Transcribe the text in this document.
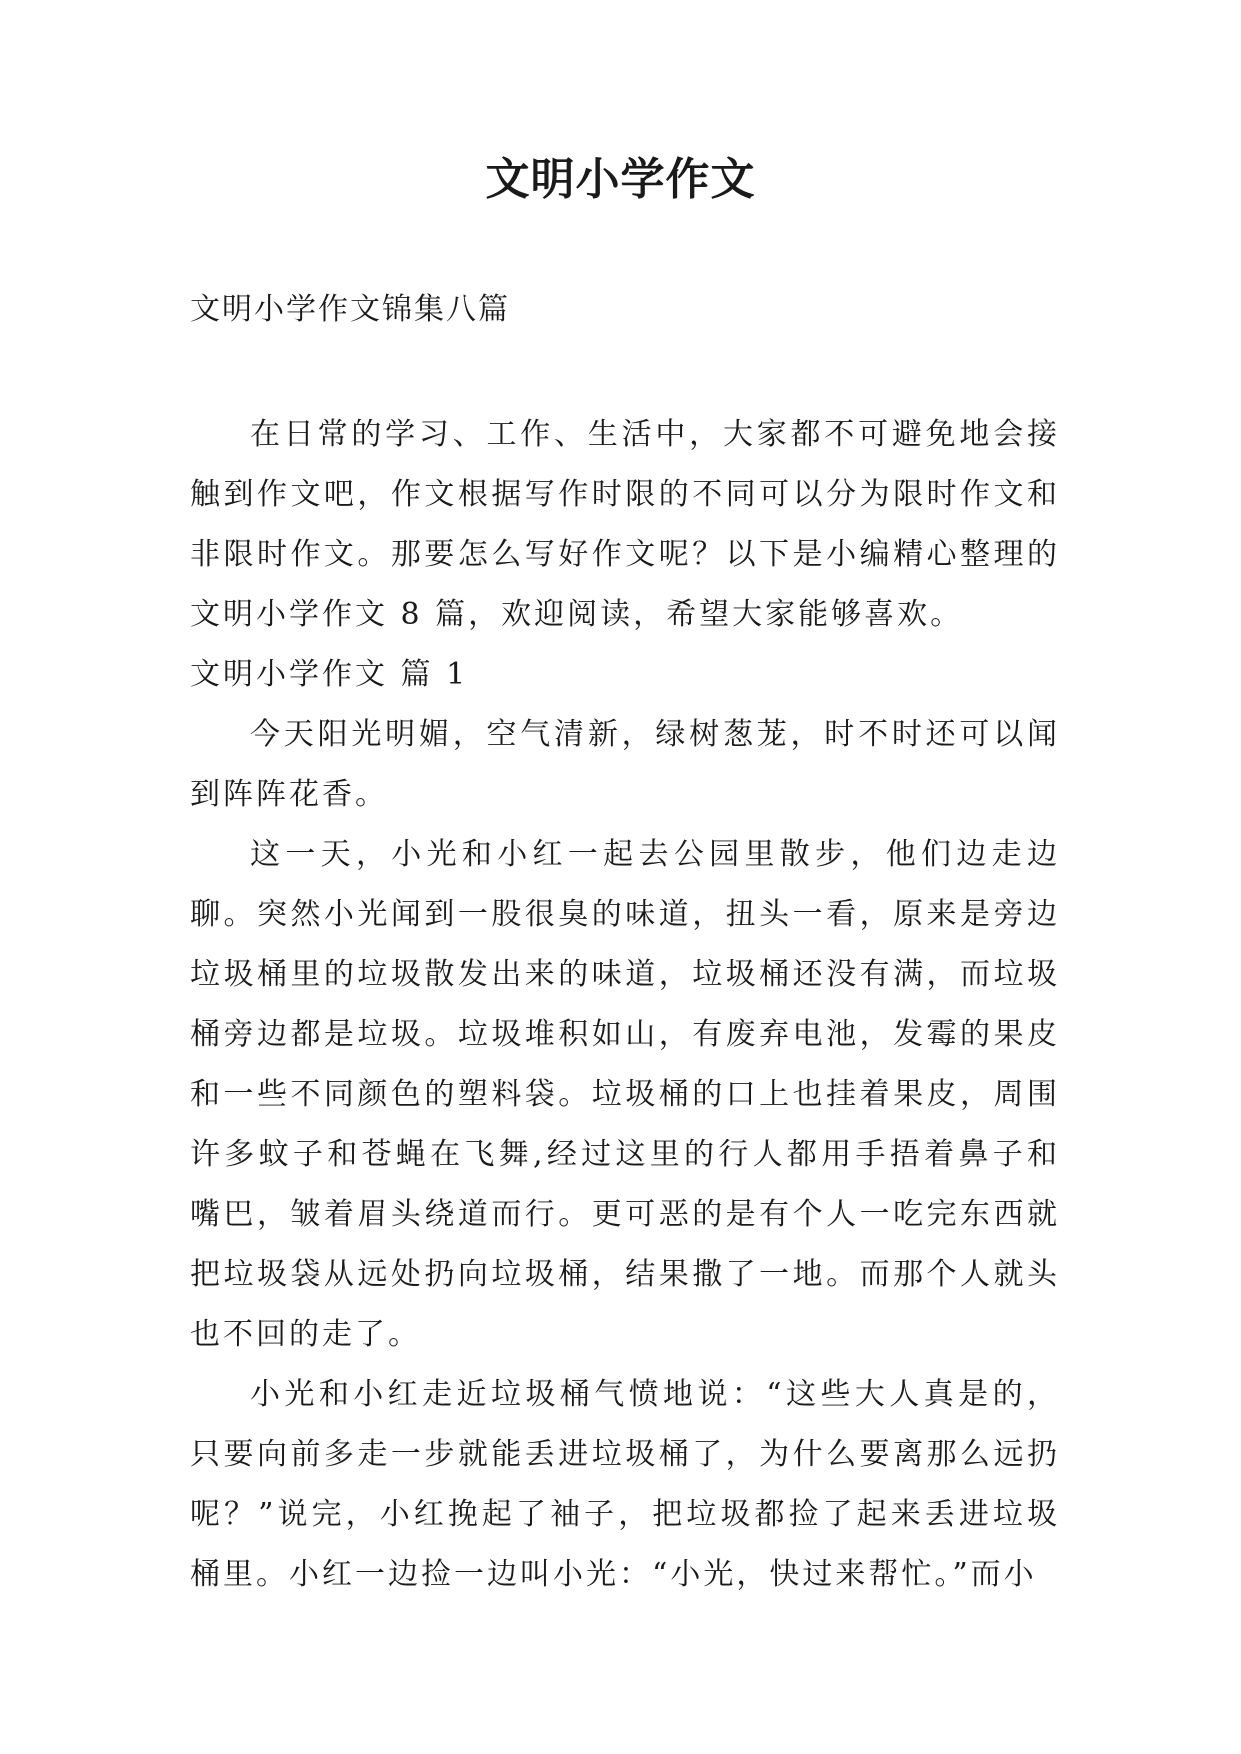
文明小学作文
文明小学作文锦集八篇

在日常的学习、工作、生活中，大家都不可避免地会接触到作文吧，作文根据写作时限的不同可以分为限时作文和非限时作文。那要怎么写好作文呢？以下是小编精心整理的文明小学作文 8 篇，欢迎阅读，希望大家能够喜欢。

文明小学作文 篇 1

今天阳光明媚，空气清新，绿树葱茏，时不时还可以闻到阵阵花香。

这一天，小光和小红一起去公园里散步，他们边走边聊。突然小光闻到一股很臭的味道，扭头一看，原来是旁边垃圾桶里的垃圾散发出来的味道，垃圾桶还没有满，而垃圾桶旁边都是垃圾。垃圾堆积如山，有废弃电池，发霉的果皮和一些不同颜色的塑料袋。垃圾桶的口上也挂着果皮，周围许多蚊子和苍蝇在飞舞,经过这里的行人都用手捂着鼻子和嘴巴，皱着眉头绕道而行。更可恶的是有个人一吃完东西就把垃圾袋从远处扔向垃圾桶，结果撒了一地。而那个人就头也不回的走了。

小光和小红走近垃圾桶气愤地说：“这些大人真是的，只要向前多走一步就能丢进垃圾桶了，为什么要离那么远扔呢？”说完，小红挽起了袖子，把垃圾都捡了起来丢进垃圾桶里。小红一边捡一边叫小光：“小光，快过来帮忙。”而小
